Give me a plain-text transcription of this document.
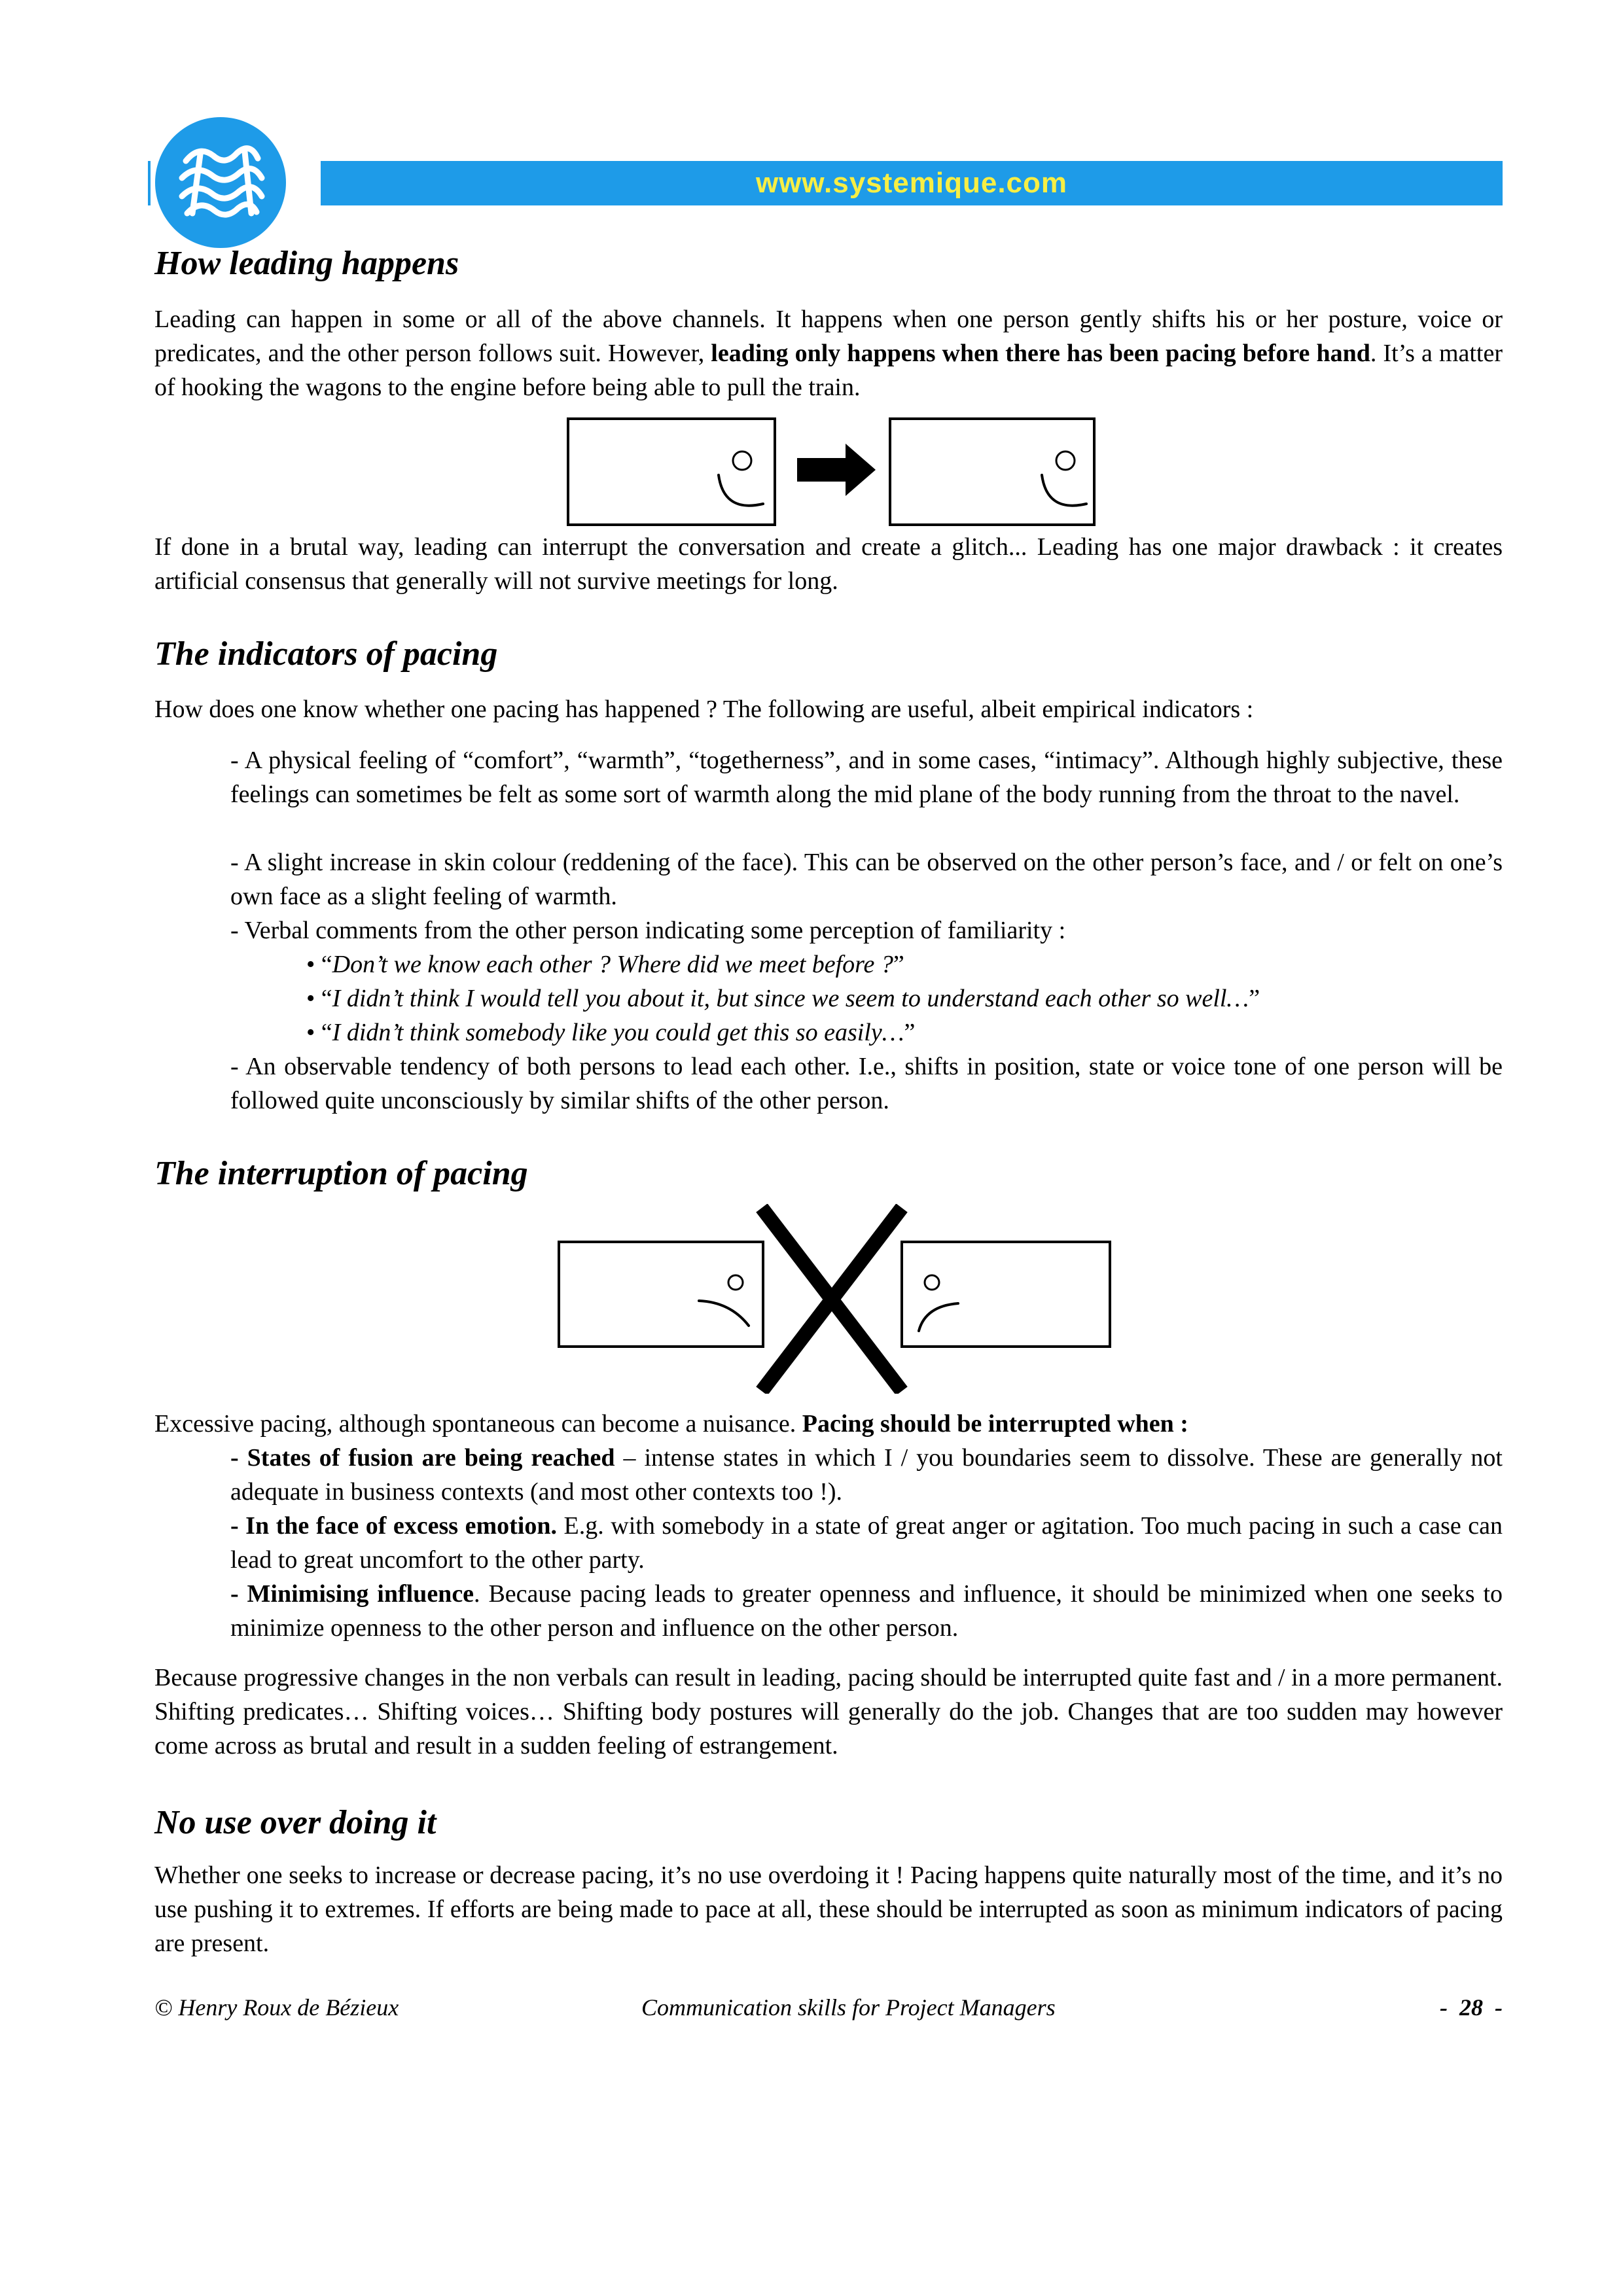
www.systemique.com
How leading happens

Leading can happen in some or all of the above channels. It happens when one person gently shifts his or her posture, voice or predicates, and the other person follows suit. However, leading only happens when there has been pacing before hand. It’s a matter of hooking the wagons to the engine before being able to pull the train.

If done in a brutal way, leading can interrupt the conversation and create a glitch... Leading has one major drawback : it creates artificial consensus that generally will not survive meetings for long.

The indicators of pacing

How does one know whether one pacing has happened ? The following are useful, albeit empirical indicators :

- A physical feeling of “comfort”, “warmth”, “togetherness”, and in some cases, “intimacy”. Although highly subjective, these feelings can sometimes be felt as some sort of warmth along the mid plane of the body running from the throat to the navel.

- A slight increase in skin colour (reddening of the face). This can be observed on the other person’s face, and / or felt on one’s own face as a slight feeling of warmth.

- Verbal comments from the other person indicating some perception of familiarity :

• “Don’t we know each other ? Where did we meet before ?”

• “I didn’t think I would tell you about it, but since we seem to understand each other so well…”

• “I didn’t think somebody like you could get this so easily…”

- An observable tendency of both persons to lead each other. I.e., shifts in position, state or voice tone of one person will be followed quite unconsciously by similar shifts of the other person.

The interruption of pacing

Excessive pacing, although spontaneous can become a nuisance. Pacing should be interrupted when :

- States of fusion are being reached – intense states in which I / you boundaries seem to dissolve. These are generally not adequate in business contexts (and most other contexts too !).

- In the face of excess emotion. E.g. with somebody in a state of great anger or agitation. Too much pacing in such a case can lead to great uncomfort to the other party.

- Minimising influence. Because pacing leads to greater openness and influence, it should be minimized when one seeks to minimize openness to the other person and influence on the other person.

Because progressive changes in the non verbals can result in leading, pacing should be interrupted quite fast and / in a more permanent. Shifting predicates… Shifting voices… Shifting body postures will generally do the job. Changes that are too sudden may however come across as brutal and result in a sudden feeling of estrangement.

No use over doing it

Whether one seeks to increase or decrease pacing, it’s no use overdoing it ! Pacing happens quite naturally most of the time, and it’s no use pushing it to extremes. If efforts are being made to pace at all, these should be interrupted as soon as minimum indicators of pacing are present.

© Henry Roux de Bézieux	Communication skills for Project Managers	-  28  -
